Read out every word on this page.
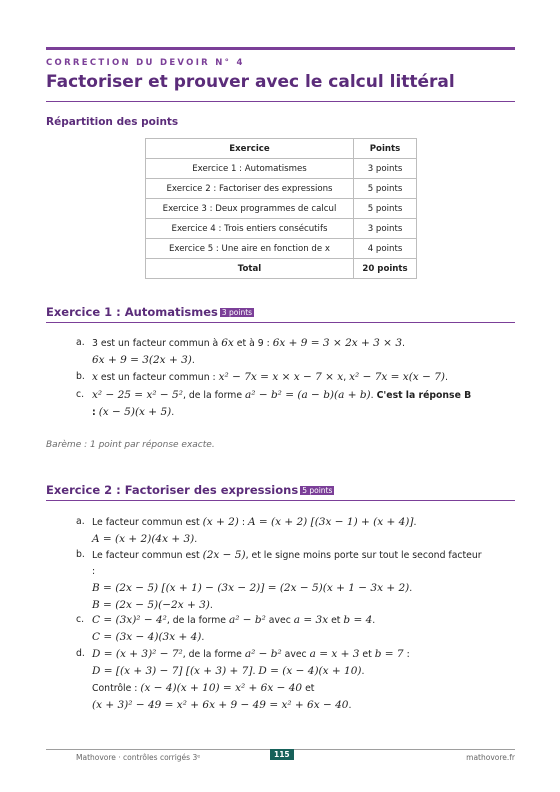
CORRECTION DU DEVOIR N° 4
Factoriser et prouver avec le calcul littéral
Répartition des points
Exercice	Points
Exercice 1 : Automatismes	3 points
Exercice 2 : Factoriser des expressions	5 points
Exercice 3 : Deux programmes de calcul	5 points
Exercice 4 : Trois entiers consécutifs	3 points
Exercice 5 : Une aire en fonction de x	4 points
Total	20 points
Exercice 1 : Automatismes 3 points
a. 3 est un facteur commun à 6x et à 9 : 6x + 9 = 3 × 2x + 3 × 3.
6x + 9 = 3(2x + 3).
b. x est un facteur commun : x² − 7x = x × x − 7 × x, x² − 7x = x(x − 7).
c. x² − 25 = x² − 5², de la forme a² − b² = (a − b)(a + b). C'est la réponse B
: (x − 5)(x + 5).
Barème : 1 point par réponse exacte.
Exercice 2 : Factoriser des expressions 5 points
a. Le facteur commun est (x + 2) : A = (x + 2) [(3x − 1) + (x + 4)].
A = (x + 2)(4x + 3).
b. Le facteur commun est (2x − 5), et le signe moins porte sur tout le second facteur :
B = (2x − 5) [(x + 1) − (3x − 2)] = (2x − 5)(x + 1 − 3x + 2).
B = (2x − 5)(−2x + 3).
c. C = (3x)² − 4², de la forme a² − b² avec a = 3x et b = 4.
C = (3x − 4)(3x + 4).
d. D = (x + 3)² − 7², de la forme a² − b² avec a = x + 3 et b = 7 :
D = [(x + 3) − 7] [(x + 3) + 7]. D = (x − 4)(x + 10).
Contrôle : (x − 4)(x + 10) = x² + 6x − 40 et
(x + 3)² − 49 = x² + 6x + 9 − 49 = x² + 6x − 40.
Mathovore · contrôles corrigés 3ᵉ	115	mathovore.fr
